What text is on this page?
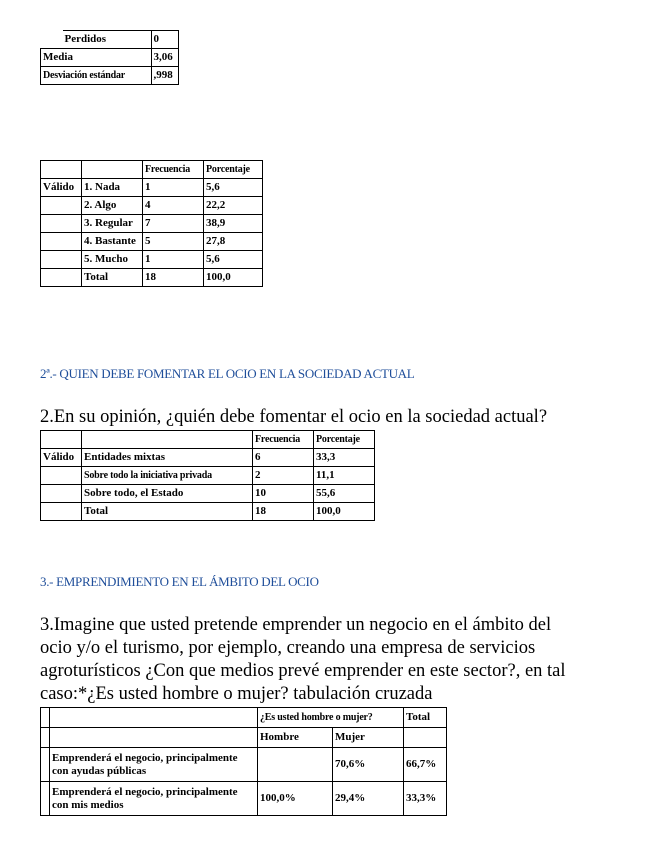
	Perdidos	0
Media		3,06
Desviación estándar		,998
		Frecuencia	Porcentaje
Válido	1. Nada	1	5,6
	2. Algo	4	22,2
	3. Regular	7	38,9
	4. Bastante	5	27,8
	5. Mucho	1	5,6
	Total	18	100,0
2ª.- QUIEN DEBE FOMENTAR EL OCIO EN LA SOCIEDAD ACTUAL
2.En su opinión, ¿quién debe fomentar el ocio en la sociedad actual?
		Frecuencia	Porcentaje
Válido	Entidades mixtas	6	33,3
	Sobre todo la iniciativa privada	2	11,1
	Sobre todo, el Estado	10	55,6
	Total	18	100,0
3.- EMPRENDIMIENTO EN EL ÁMBITO DEL OCIO
3.Imagine que usted pretende emprender un negocio en el ámbito del
ocio y/o el turismo, por ejemplo, creando una empresa de servicios
agroturísticos ¿Con que medios prevé emprender en este sector?, en tal
caso:*¿Es usted hombre o mujer? tabulación cruzada
		¿Es usted hombre o mujer?		Total
		Hombre	Mujer	
	Emprenderá el negocio, principalmente con ayudas públicas		70,6%	66,7%
	Emprenderá el negocio, principalmente con mis medios	100,0%	29,4%	33,3%
